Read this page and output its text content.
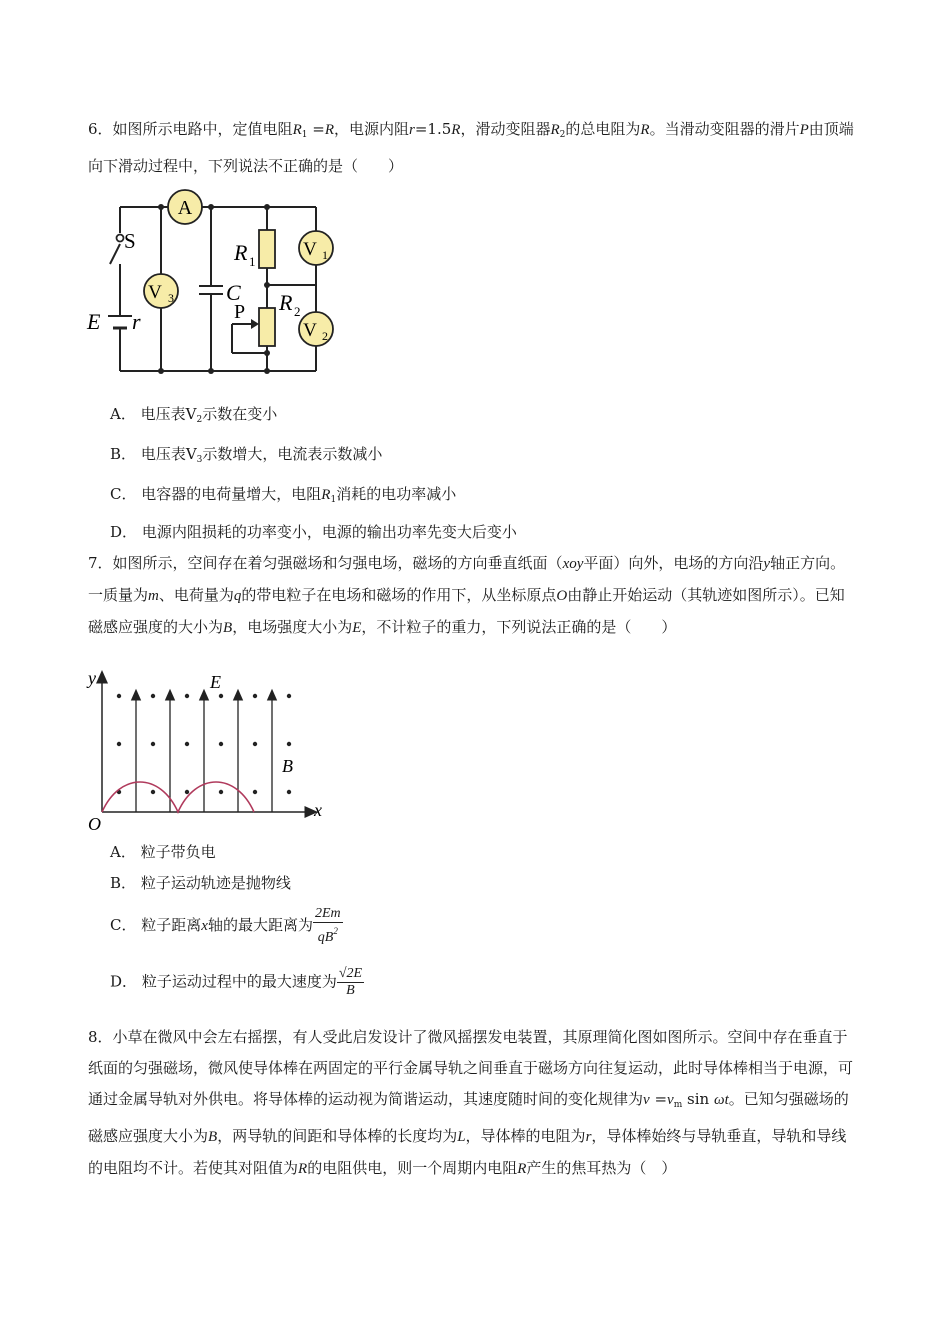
6．如图所示电路中，定值电阻$R_1 =R$，电源内阻r=1.5R，滑动变阻器$R_2$的总电阻为R。当滑动变阻器的滑片P由顶端向下滑动过程中，下列说法不正确的是（　　）
A
V 3
V 1
V 2
S
E r
C
R 1
R 2
P
A． 电压表$V_2$示数在变小
B． 电压表$V_3$示数增大，电流表示数减小
C． 电容器的电荷量增大，电阻$R_1$消耗的电功率减小
D． 电源内阻损耗的功率变小，电源的输出功率先变大后变小
7．如图所示，空间存在着匀强磁场和匀强电场，磁场的方向垂直纸面（xoy平面）向外，电场的方向沿y轴正方向。一质量为m、电荷量为q的带电粒子在电场和磁场的作用下，从坐标原点O由静止开始运动（其轨迹如图所示）。已知磁感应强度的大小为B，电场强度大小为E，不计粒子的重力，下列说法正确的是（　　）
y
x
O
E
B
A． 粒子带负电
B． 粒子运动轨迹是抛物线
C． 粒子距离x轴的最大距离为 $\frac{2Em}{qB^2}$
D． 粒子运动过程中的最大速度为 $\frac{√2E}{B}$
8．小草在微风中会左右摇摆，有人受此启发设计了微风摇摆发电装置，其原理简化图如图所示。空间中存在垂直于纸面的匀强磁场，微风使导体棒在两固定的平行金属导轨之间垂直于磁场方向往复运动，此时导体棒相当于电源，可通过金属导轨对外供电。将导体棒的运动视为简谐运动，其速度随时间的变化规律为$v =v_m$ sin ωt。已知匀强磁场的磁感应强度大小为B，两导轨的间距和导体棒的长度均为L，导体棒的电阻为r，导体棒始终与导轨垂直，导轨和导线的电阻均不计。若使其对阻值为R的电阻供电，则一个周期内电阻R产生的焦耳热为（　）
